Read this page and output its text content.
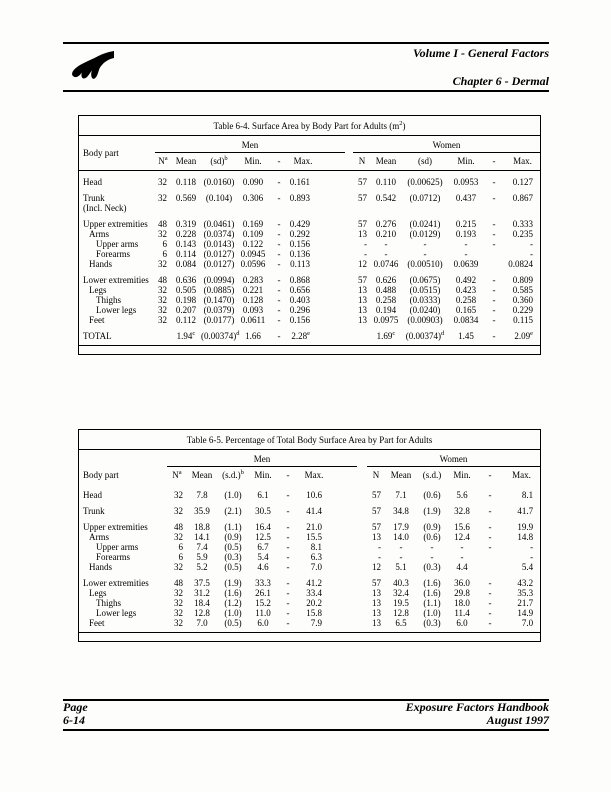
Volume I - General Factors
Chapter 6 - Dermal
Table 6-4. Surface Area by Body Part for Adults $(m^2)$
Body part	Men							Women					

	$N^a$	Mean	(sd)$^b$	Min.	-	Max.		N	Mean	(sd)	Min.	-	Max.

Head	32	0.118	(0.0160)	0.090	-	0.161		57	0.110	(0.00625)	0.0953	-	0.127

Trunk
(Incl. Neck)	32	0.569	(0.104)	0.306	-	0.893		57	0.542	(0.0712)	0.437	-	0.867

Upper extremities	48	0.319	(0.0461)	0.169	-	0.429		57	0.276	(0.0241)	0.215	-	0.333

Arms	32	0.228	(0.0374)	0.109	-	0.292		13	0.210	(0.0129)	0.193	-	0.235

Upper arms	6	0.143	(0.0143)	0.122	-	0.156		-	-	-	-	-	-

Forearms	6	0.114	(0.0127)	0.0945	-	0.136		-	-	-	-		-

Hands	32	0.084	(0.0127)	0.0596	-	0.113		12	0.0746	(0.00510)	0.0639		0.0824

Lower extremities	48	0.636	(0.0994)	0.283	-	0.868		57	0.626	(0.0675)	0.492	-	0.809

Legs	32	0.505	(0.0885)	0.221	-	0.656		13	0.488	(0.0515)	0.423	-	0.585

Thighs	32	0.198	(0.1470)	0.128	-	0.403		13	0.258	(0.0333)	0.258	-	0.360

Lower legs	32	0.207	(0.0379)	0.093	-	0.296		13	0.194	(0.0240)	0.165	-	0.229

Feet	32	0.112	(0.0177)	0.0611	-	0.156		13	0.0975	(0.00903)	0.0834	-	0.115

TOTAL		1.94$^c$	$(0.00374)^d$	1.66	-	2.28e			1.69$^c$	$(0.00374)^d$	1.45	-	2.09e
Table 6-5. Percentage of Total Body Surface Area by Part for Adults
Body part	Men							Women					

	$N^a$	Mean	$(s.d.)^b$	Min.	-	Max.		N	Mean	(s.d.)	Min.	-	Max.

Head	32	7.8	(1.0)	6.1	-	10.6		57	7.1	(0.6)	5.6	-	8.1

Trunk	32	35.9	(2.1)	30.5	-	41.4		57	34.8	(1.9)	32.8	-	41.7

Upper extremities	48	18.8	(1.1)	16.4	-	21.0		57	17.9	(0.9)	15.6	-	19.9

Arms	32	14.1	(0.9)	12.5	-	15.5		13	14.0	(0.6)	12.4	-	14.8

Upper arms	6	7.4	(0.5)	6.7	-	8.1		-	-	-	-	-	-

Forearms	6	5.9	(0.3)	5.4	-	6.3		-	-	-	-		-

Hands	32	5.2	(0.5)	4.6	-	7.0		12	5.1	(0.3)	4.4		5.4

Lower extremities	48	37.5	(1.9)	33.3	-	41.2		57	40.3	(1.6)	36.0	-	43.2

Legs	32	31.2	(1.6)	26.1	-	33.4		13	32.4	(1.6)	29.8	-	35.3

Thighs	32	18.4	(1.2)	15.2	-	20.2		13	19.5	(1.1)	18.0	-	21.7

Lower legs	32	12.8	(1.0)	11.0	-	15.8		13	12.8	(1.0)	11.4	-	14.9

Feet	32	7.0	(0.5)	6.0	-	7.9		13	6.5	(0.3)	6.0	-	7.0
Page
6-14
Exposure Factors Handbook
August 1997
